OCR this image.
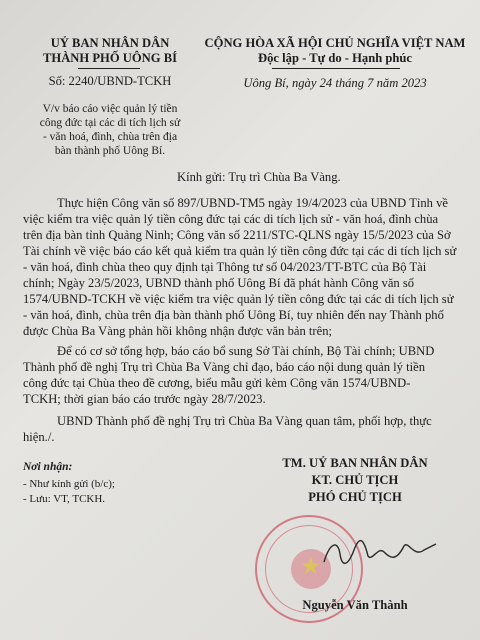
UỶ BAN NHÂN DÂN
THÀNH PHỐ UÔNG BÍ
Số: 2240/UBND-TCKH
V/v báo cáo việc quản lý tiền
công đức tại các di tích lịch sử
- văn hoá, đình, chùa trên địa
bàn thành phố Uông Bí.
CỘNG HÒA XÃ HỘI CHỦ NGHĨA VIỆT NAM
Độc lập - Tự do - Hạnh phúc
Uông Bí, ngày 24 tháng 7 năm 2023
Kính gửi: Trụ trì Chùa Ba Vàng.
Thực hiện Công văn số 897/UBND-TM5 ngày 19/4/2023 của UBND Tỉnh về
việc kiểm tra việc quản lý tiền công đức tại các di tích lịch sử - văn hoá, đình chùa
trên địa bàn tỉnh Quảng Ninh; Công văn số 2211/STC-QLNS ngày 15/5/2023 của Sở
Tài chính về việc báo cáo kết quả kiểm tra quản lý tiền công đức tại các di tích lịch sử
- văn hoá, đình chùa theo quy định tại Thông tư số 04/2023/TT-BTC của Bộ Tài
chính; Ngày 23/5/2023, UBND thành phố Uông Bí đã phát hành Công văn số
1574/UBND-TCKH về việc kiểm tra việc quản lý tiền công đức tại các di tích lịch sử
- văn hoá, đình, chùa trên địa bàn thành phố Uông Bí, tuy nhiên đến nay Thành phố
được Chùa Ba Vàng phản hồi không nhận được văn bản trên;
Để có cơ sở tổng hợp, báo cáo bổ sung Sở Tài chính, Bộ Tài chính; UBND
Thành phố đề nghị Trụ trì Chùa Ba Vàng chỉ đạo, báo cáo nội dung quản lý tiền
công đức tại Chùa theo đề cương, biểu mẫu gửi kèm Công văn 1574/UBND-
TCKH; thời gian báo cáo trước ngày 28/7/2023.
UBND Thành phố đề nghị Trụ trì Chùa Ba Vàng quan tâm, phối hợp, thực
hiện./.
Nơi nhận:
- Như kính gửi (b/c);
- Lưu: VT, TCKH.
TM. UỶ BAN NHÂN DÂN
KT. CHỦ TỊCH
PHÓ CHỦ TỊCH
★
Nguyễn Văn Thành
